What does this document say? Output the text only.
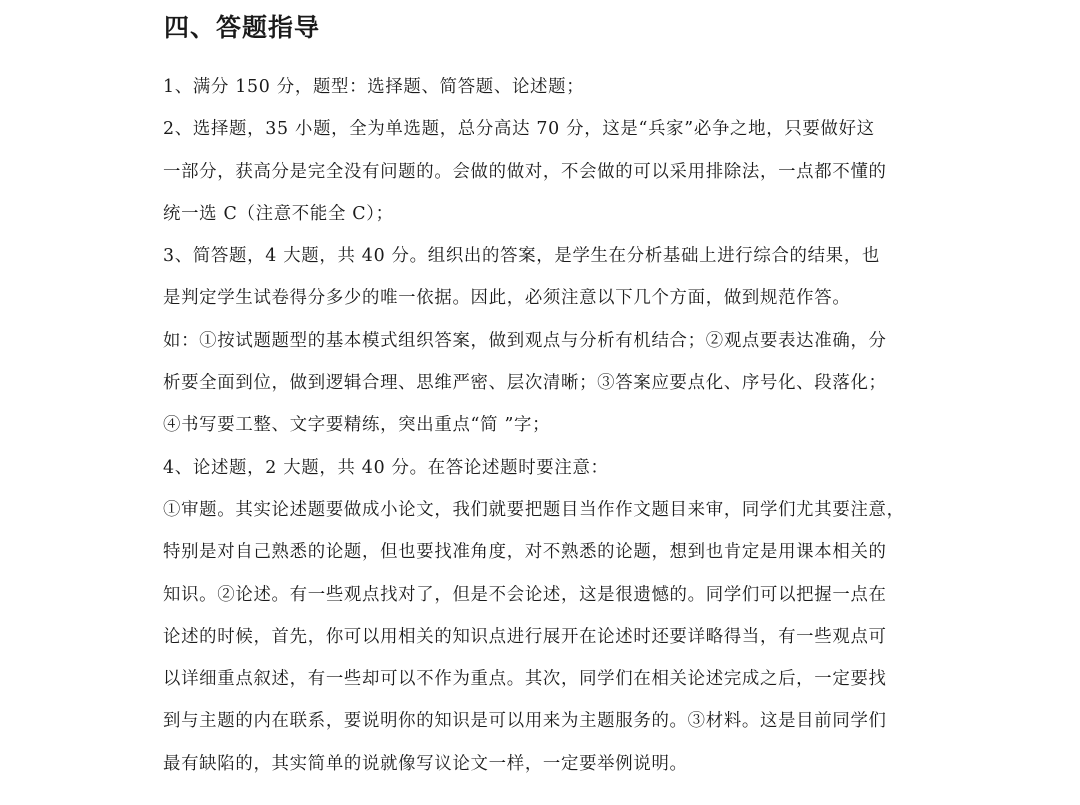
四、答题指导
1、满分 150 分，题型：选择题、简答题、论述题；
2、选择题，35 小题，全为单选题，总分高达 70 分，这是“兵家”必争之地，只要做好这
一部分，获高分是完全没有问题的。会做的做对，不会做的可以采用排除法，一点都不懂的
统一选 C（注意不能全 C）；
3、简答题，4 大题，共 40 分。组织出的答案，是学生在分析基础上进行综合的结果，也
是判定学生试卷得分多少的唯一依据。因此，必须注意以下几个方面，做到规范作答。
如：①按试题题型的基本模式组织答案，做到观点与分析有机结合；②观点要表达准确，分
析要全面到位，做到逻辑合理、思维严密、层次清晰；③答案应要点化、序号化、段落化；
④书写要工整、文字要精练，突出重点“简 ”字；
4、论述题，2 大题，共 40 分。在答论述题时要注意：
①审题。其实论述题要做成小论文，我们就要把题目当作作文题目来审，同学们尤其要注意，
特别是对自己熟悉的论题，但也要找准角度，对不熟悉的论题，想到也肯定是用课本相关的
知识。②论述。有一些观点找对了，但是不会论述，这是很遗憾的。同学们可以把握一点在
论述的时候，首先，你可以用相关的知识点进行展开在论述时还要详略得当，有一些观点可
以详细重点叙述，有一些却可以不作为重点。其次，同学们在相关论述完成之后，一定要找
到与主题的内在联系，要说明你的知识是可以用来为主题服务的。③材料。这是目前同学们
最有缺陷的，其实简单的说就像写议论文一样，一定要举例说明。
